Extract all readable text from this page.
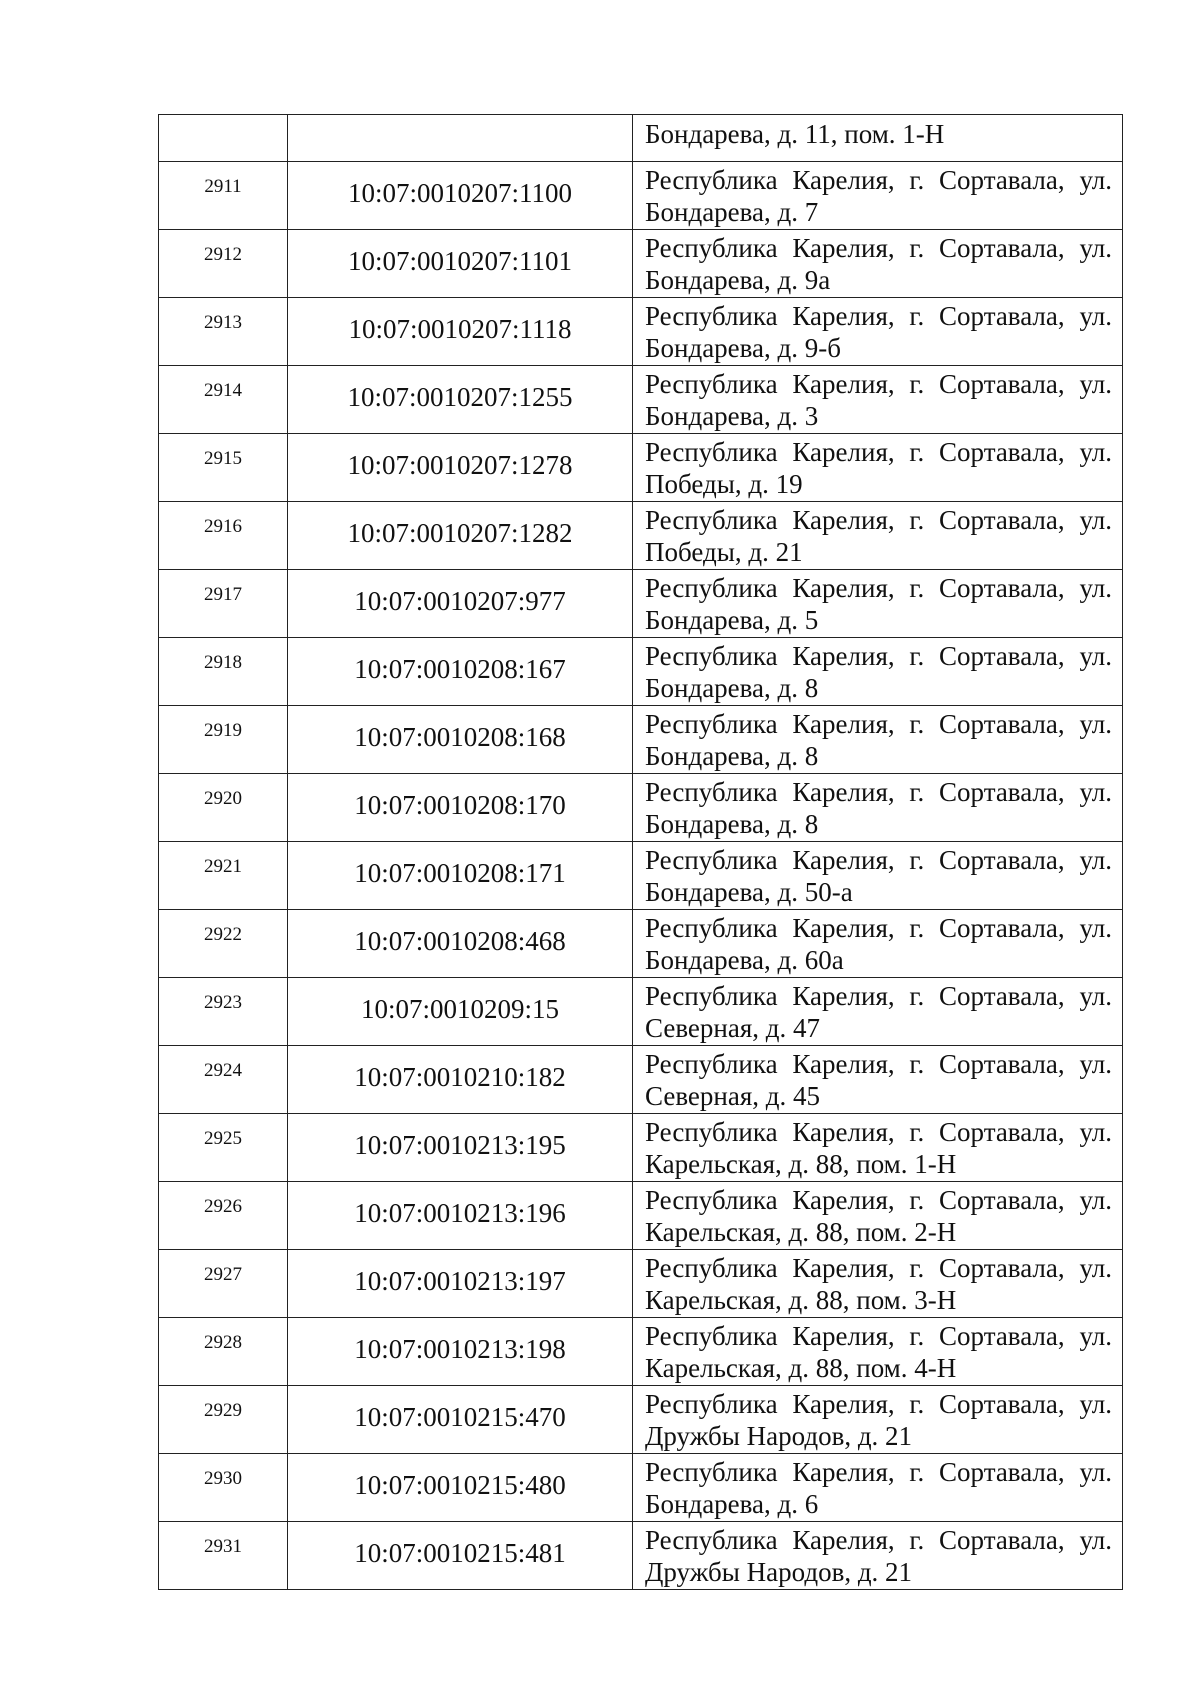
		Бондарева, д. 11, пом. 1-Н

2911	10:07:0010207:1100	Республика Карелия, г. Сортавала, ул.
Бондарева, д. 7

2912	10:07:0010207:1101	Республика Карелия, г. Сортавала, ул.
Бондарева, д. 9а

2913	10:07:0010207:1118	Республика Карелия, г. Сортавала, ул.
Бондарева, д. 9-б

2914	10:07:0010207:1255	Республика Карелия, г. Сортавала, ул.
Бондарева, д. 3

2915	10:07:0010207:1278	Республика Карелия, г. Сортавала, ул.
Победы, д. 19

2916	10:07:0010207:1282	Республика Карелия, г. Сортавала, ул.
Победы, д. 21

2917	10:07:0010207:977	Республика Карелия, г. Сортавала, ул.
Бондарева, д. 5

2918	10:07:0010208:167	Республика Карелия, г. Сортавала, ул.
Бондарева, д. 8

2919	10:07:0010208:168	Республика Карелия, г. Сортавала, ул.
Бондарева, д. 8

2920	10:07:0010208:170	Республика Карелия, г. Сортавала, ул.
Бондарева, д. 8

2921	10:07:0010208:171	Республика Карелия, г. Сортавала, ул.
Бондарева, д. 50-а

2922	10:07:0010208:468	Республика Карелия, г. Сортавала, ул.
Бондарева, д. 60а

2923	10:07:0010209:15	Республика Карелия, г. Сортавала, ул.
Северная, д. 47

2924	10:07:0010210:182	Республика Карелия, г. Сортавала, ул.
Северная, д. 45

2925	10:07:0010213:195	Республика Карелия, г. Сортавала, ул.
Карельская, д. 88, пом. 1-Н

2926	10:07:0010213:196	Республика Карелия, г. Сортавала, ул.
Карельская, д. 88, пом. 2-Н

2927	10:07:0010213:197	Республика Карелия, г. Сортавала, ул.
Карельская, д. 88, пом. 3-Н

2928	10:07:0010213:198	Республика Карелия, г. Сортавала, ул.
Карельская, д. 88, пом. 4-Н

2929	10:07:0010215:470	Республика Карелия, г. Сортавала, ул.
Дружбы Народов, д. 21

2930	10:07:0010215:480	Республика Карелия, г. Сортавала, ул.
Бондарева, д. 6

2931	10:07:0010215:481	Республика Карелия, г. Сортавала, ул.
Дружбы Народов, д. 21
